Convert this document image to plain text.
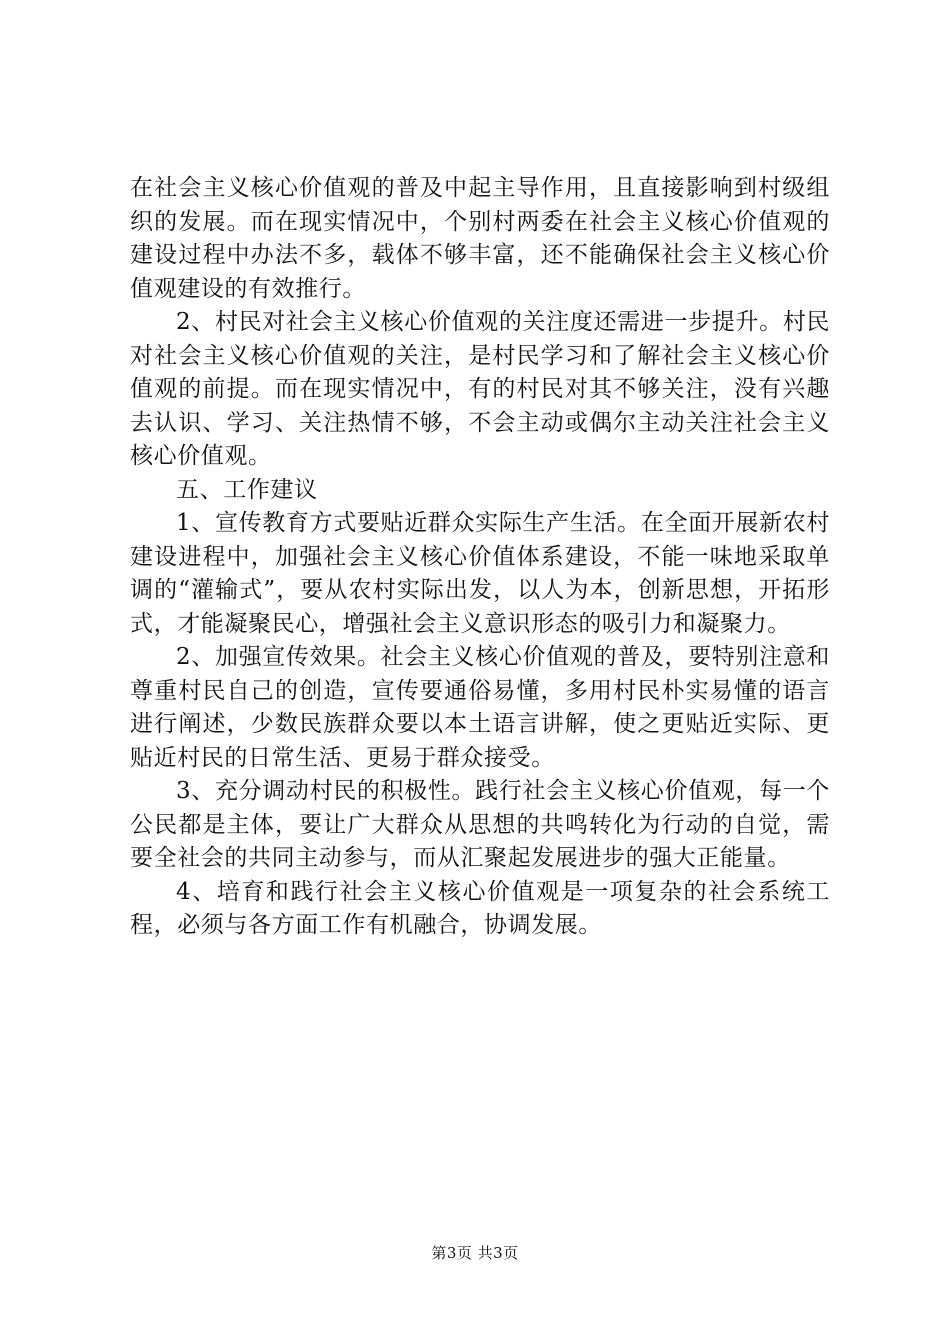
在社会主义核心价值观的普及中起主导作用，且直接影响到村级组织的发展。而在现实情况中，个别村两委在社会主义核心价值观的建设过程中办法不多，载体不够丰富，还不能确保社会主义核心价值观建设的有效推行。

2、村民对社会主义核心价值观的关注度还需进一步提升。村民对社会主义核心价值观的关注，是村民学习和了解社会主义核心价值观的前提。而在现实情况中，有的村民对其不够关注，没有兴趣去认识、学习、关注热情不够，不会主动或偶尔主动关注社会主义核心价值观。

五、工作建议

1、宣传教育方式要贴近群众实际生产生活。在全面开展新农村建设进程中，加强社会主义核心价值体系建设，不能一味地采取单调的“灌输式”，要从农村实际出发，以人为本，创新思想，开拓形式，才能凝聚民心，增强社会主义意识形态的吸引力和凝聚力。

2、加强宣传效果。社会主义核心价值观的普及，要特别注意和尊重村民自己的创造，宣传要通俗易懂，多用村民朴实易懂的语言进行阐述，少数民族群众要以本土语言讲解，使之更贴近实际、更贴近村民的日常生活、更易于群众接受。

3、充分调动村民的积极性。践行社会主义核心价值观，每一个公民都是主体，要让广大群众从思想的共鸣转化为行动的自觉，需要全社会的共同主动参与，而从汇聚起发展进步的强大正能量。

4、培育和践行社会主义核心价值观是一项复杂的社会系统工程，必须与各方面工作有机融合，协调发展。

第3页 共3页
